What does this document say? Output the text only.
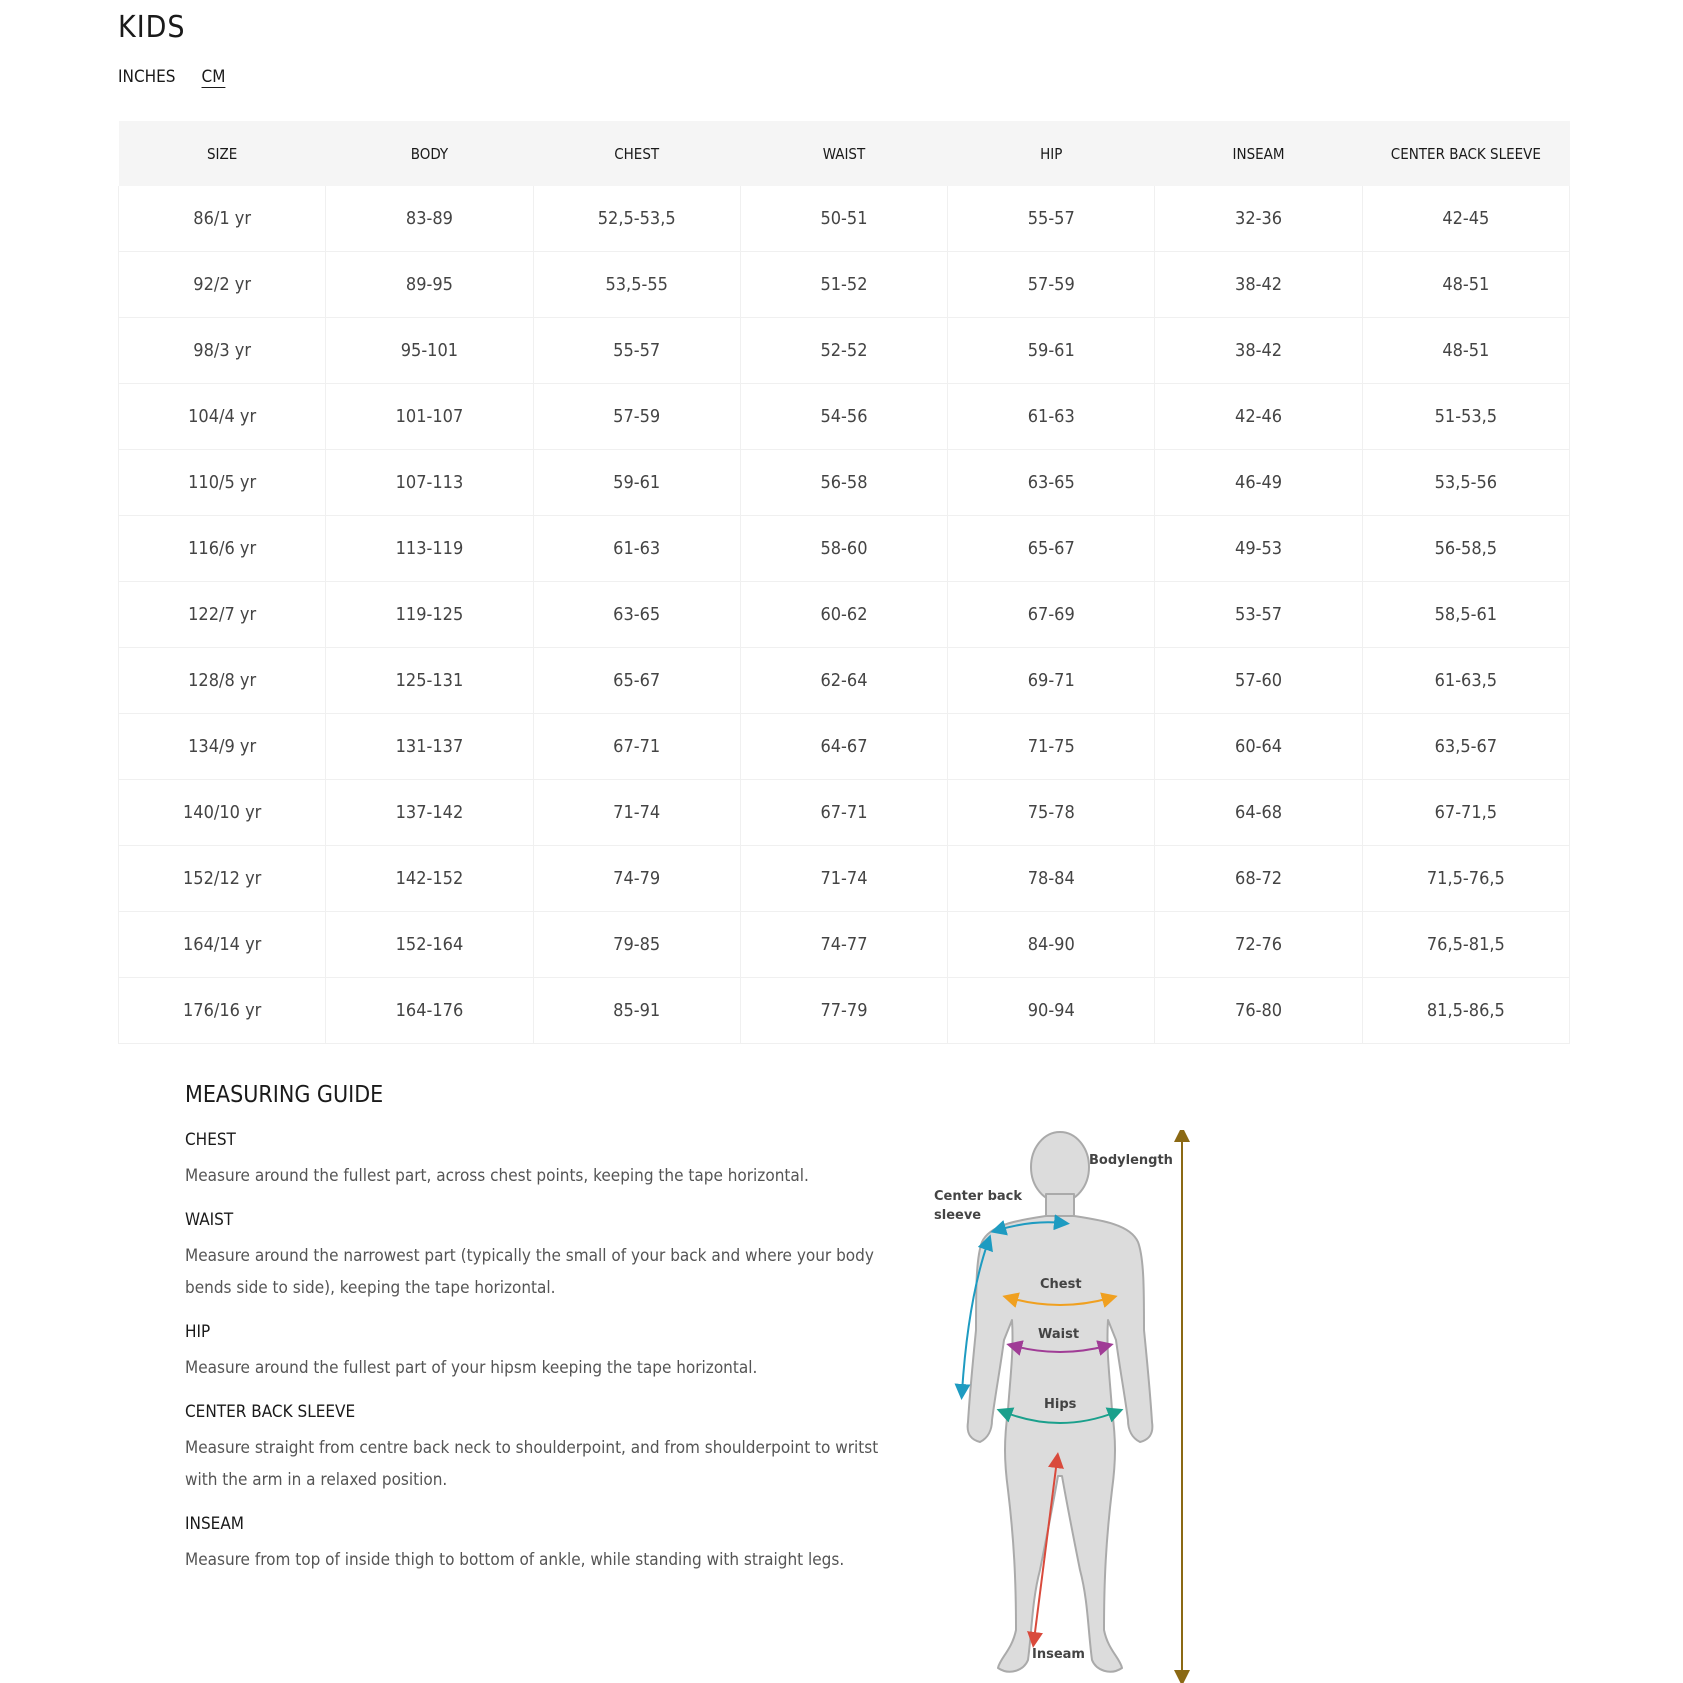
KIDS
INCHES CM
SIZE	BODY	CHEST	WAIST	HIP	INSEAM	CENTER BACK SLEEVE
86/1 yr	83-89	52,5-53,5	50-51	55-57	32-36	42-45
92/2 yr	89-95	53,5-55	51-52	57-59	38-42	48-51
98/3 yr	95-101	55-57	52-52	59-61	38-42	48-51
104/4 yr	101-107	57-59	54-56	61-63	42-46	51-53,5
110/5 yr	107-113	59-61	56-58	63-65	46-49	53,5-56
116/6 yr	113-119	61-63	58-60	65-67	49-53	56-58,5
122/7 yr	119-125	63-65	60-62	67-69	53-57	58,5-61
128/8 yr	125-131	65-67	62-64	69-71	57-60	61-63,5
134/9 yr	131-137	67-71	64-67	71-75	60-64	63,5-67
140/10 yr	137-142	71-74	67-71	75-78	64-68	67-71,5
152/12 yr	142-152	74-79	71-74	78-84	68-72	71,5-76,5
164/14 yr	152-164	79-85	74-77	84-90	72-76	76,5-81,5
176/16 yr	164-176	85-91	77-79	90-94	76-80	81,5-86,5
MEASURING GUIDE
CHEST

Measure around the fullest part, across chest points, keeping the tape horizontal.

WAIST

Measure around the narrowest part (typically the small of your back and where your body bends side to side), keeping the tape horizontal.

HIP

Measure around the fullest part of your hipsm keeping the tape horizontal.

CENTER BACK SLEEVE

Measure straight from centre back neck to shoulderpoint, and from shoulderpoint to writst with the arm in a relaxed position.

INSEAM

Measure from top of inside thigh to bottom of ankle, while standing with straight legs.

Bodylength
Center back
sleeve
Chest
Waist
Hips
Inseam
